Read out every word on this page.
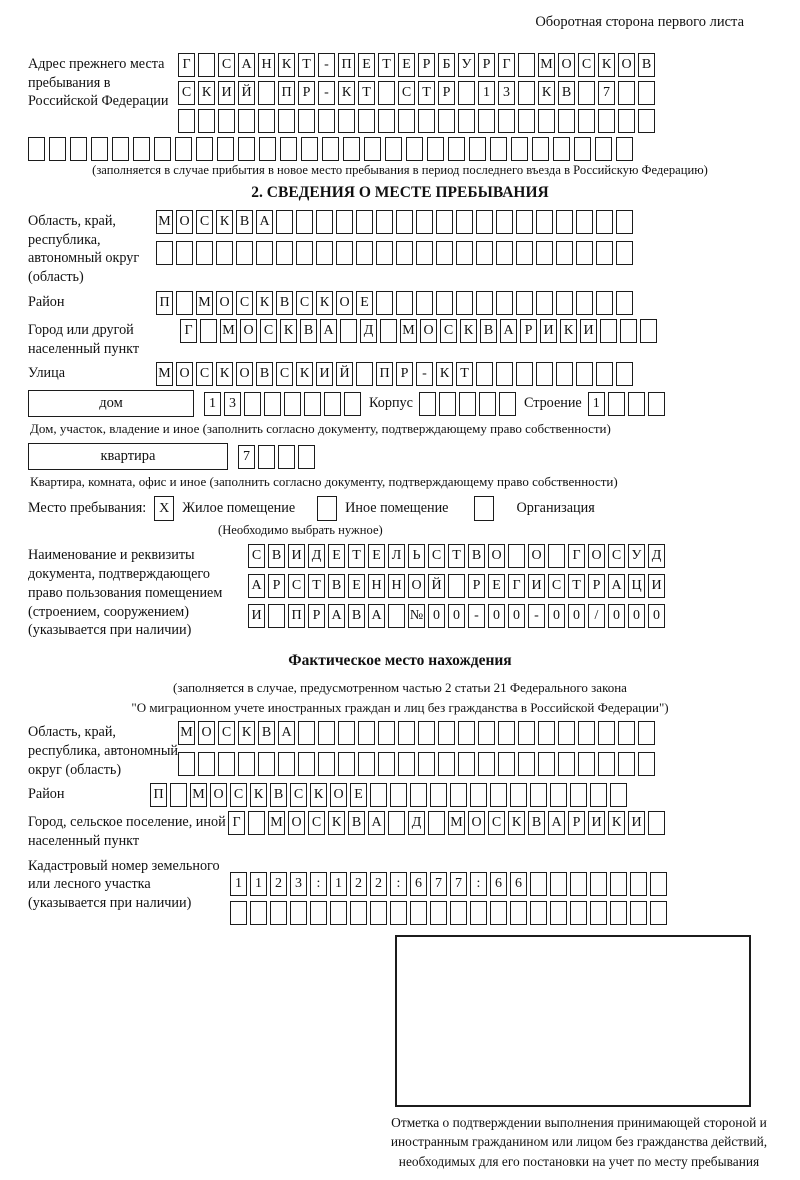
Оборотная сторона первого листа
Адрес прежнего места пребывания в Российской Федерации
Г	С А Н К Т - П Е Т Е Р Б У Р Г	М О С К О В
С К И Й П Р - К Т	С Т Р	1 3	К В	7
(заполняется в случае прибытия в новое место пребывания в период последнего въезда в Российскую Федерацию)
2. СВЕДЕНИЯ О МЕСТЕ ПРЕБЫВАНИЯ
Область, край, республика, автономный округ (область)
М О С К В А
Район	П М О С К В С К О Е
Город или другой населенный пункт
Г	М О С К В А Д М О С К В А Р И К И
Улица	М О С К О В С К И Й П Р - К Т
дом	1 3	Корпус	Строение 1
Дом, участок, владение и иное (заполнить согласно документу, подтверждающему право собственности)
квартира	7
Квартира, комната, офис и иное (заполнить согласно документу, подтверждающему право собственности)
Место пребывания: X Жилое помещение	Иное помещение	Организация
(Необходимо выбрать нужное)
Наименование и реквизиты документа, подтверждающего право пользования помещением (строением, сооружением) (указывается при наличии)
С В И Д Е Т Е Л Ь С Т В О О	Г О С У Д
А Р С Т В Е Н Н О Й	Р Е Г И С Т Р А Ц И
И П Р А В А № 0 0	-	0 0	-	0 0	/	0 0 0
Фактическое место нахождения
(заполняется в случае, предусмотренном частью 2 статьи 21 Федерального закона
"О миграционном учете иностранных граждан и лиц без гражданства в Российской Федерации")
Область, край, республика, автономный округ (область)
М О С К В А
Район	П М О С К В С К О Е
Город, сельское поселение, иной населенный пункт
Г	М О С К В А Д М О С К В А Р И К И
Кадастровый номер земельного или лесного участка (указывается при наличии)
1 1 2 3	:	1 2 2	:	6 7 7	:	6 6
Отметка о подтверждении выполнения принимающей стороной и иностранным гражданином или лицом без гражданства действий, необходимых для его постановки на учет по месту пребывания
